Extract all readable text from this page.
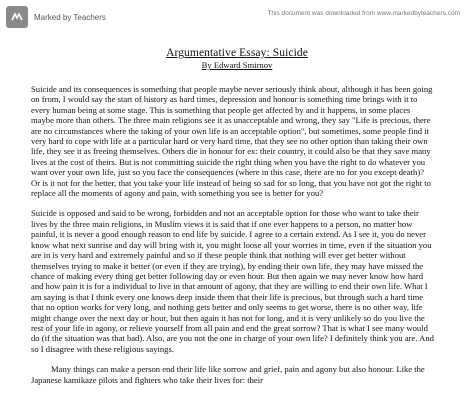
Marked by Teachers	This document was downloaded from www.markedbyteachers.com
Argumentative Essay: Suicide
By Edward Smirnov

Suicide and its consequences is something that people maybe never seriously think about, although it has been going on from, I would say the start of history as hard times, depression and honour is something time brings with it to every human being at some stage. This is something that people get affected by and it happens, in some places maybe more than others. The three main religions see it as unacceptable and wrong, they say "Life is precious, there are no circumstances where the taking of your own life is an acceptable option", but sometimes, some people find it very hard to cope with life at a particular hard or very hard time, that they see no other option than taking their own life, they see it as freeing themselves. Others die in honour for ex: their country, it could also be that they save many lives at the cost of theirs. But is not committing suicide the right thing when you have the right to do whatever you want over your own life, just so you face the consequences (where in this case, there are no for you except death)? Or is it not for the better, that you take your life instead of being so sad for so long, that you have not got the right to replace all the moments of agony and pain, with something you see is better for you?

Suicide is opposed and said to be wrong, forbidden and not an acceptable option for those who want to take their lives by the three main religions, in Muslim views it is said that if one ever happens to a person, no matter how painful, it is never a good enough reason to end life by suicide. I agree to a certain extend. As I see it, you do never know what next sunrise and day will bring with it, you might loose all your worries in time, even if the situation you are in is very hard and extremely painful and so if these people think that nothing will ever get better without themselves trying to make it better (or even if they are trying), by ending their own life, they may have missed the chance of making every thing get better following day or even hour. But then again we may never know how hard and how pain it is for a individual to live in that amount of agony, that they are willing to end their own life. What I am saying is that I think every one knows deep inside them that their life is precious, but through such a hard time that no option works for very long, and nothing gets better and only seems to get worse, there is no other way, life might change over the next day or hour, but then again it has not for long, and it is very unlikely so do you live the rest of your life in agony, or relieve yourself from all pain and end the great sorrow? That is what I see many would do (if the situation was that bad). Also, are you not the one in charge of your own life? I definitely think you are. And so I disagree with these religious sayings.

Many things can make a person end their life like sorrow and grief, pain and agony but also honour. Like the Japanese kamikaze pilots and fighters who take their lives for: their
